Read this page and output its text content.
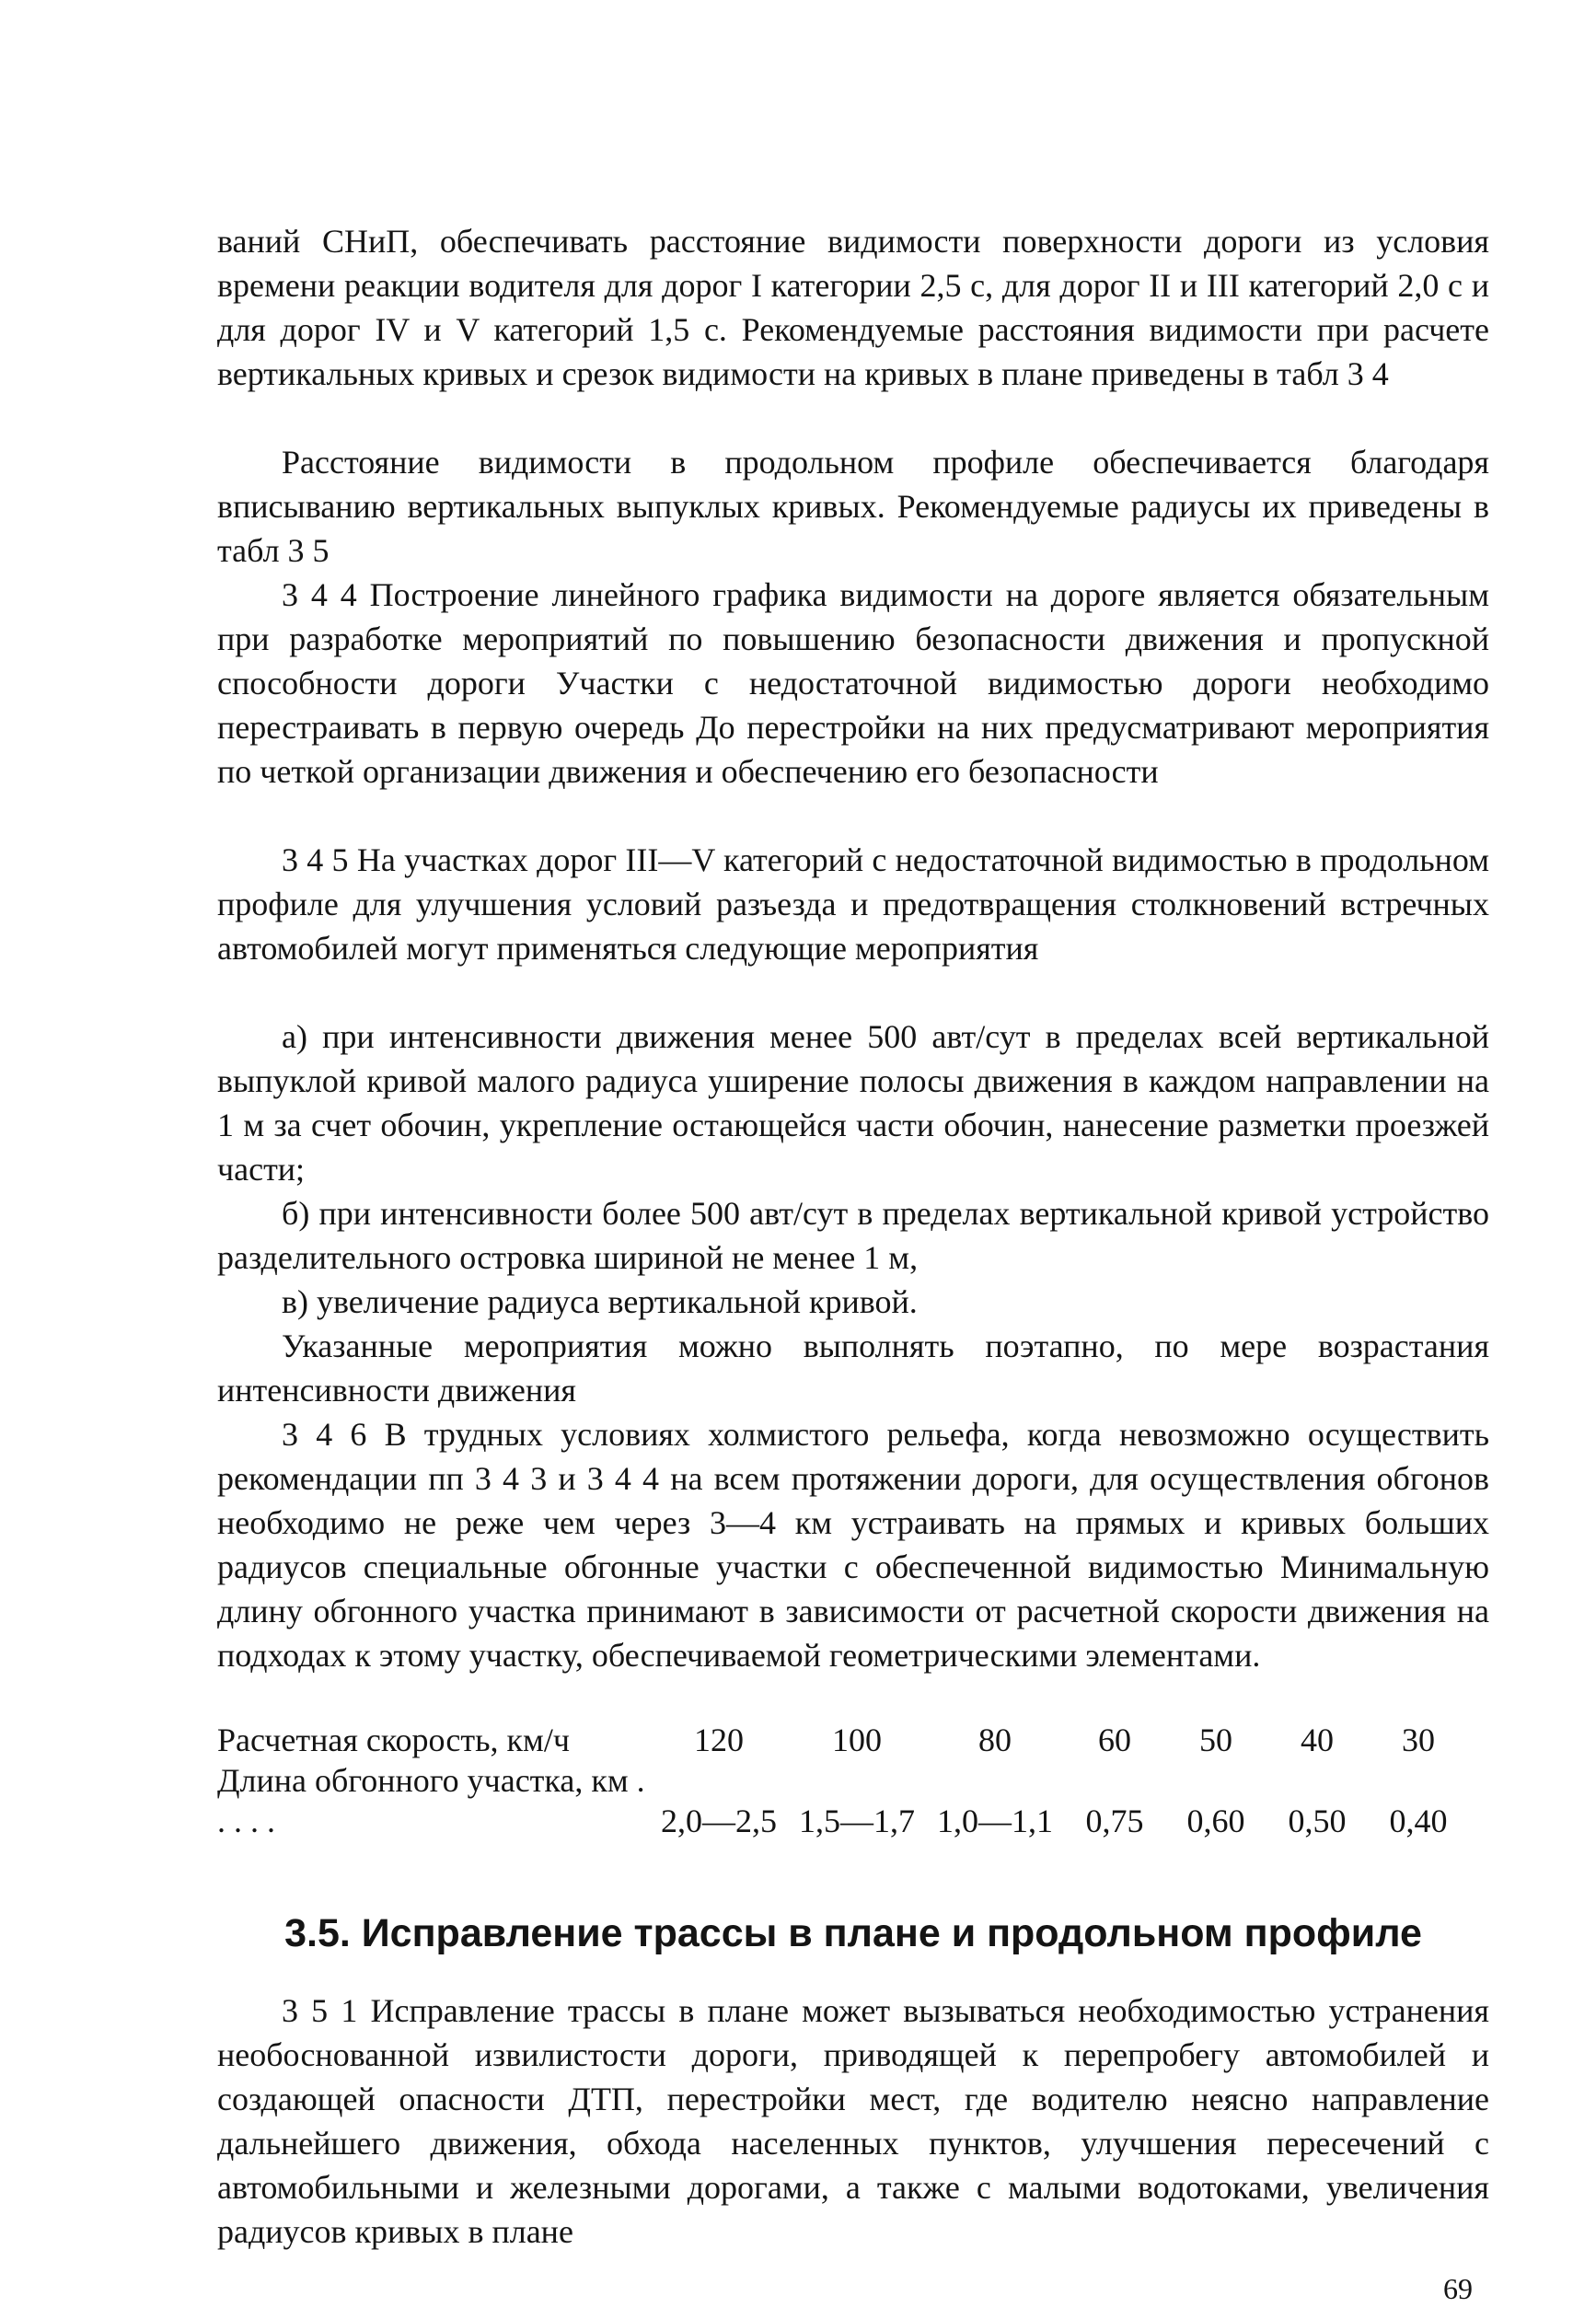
ваний СНиП, обеспечивать расстояние видимости поверхности дороги из условия времени реакции водителя для дорог I категории 2,5 с, для дорог II и III категорий 2,0 с и для дорог IV и V категорий 1,5 с. Рекомендуемые расстояния видимости при расчете вертикальных кривых и срезок видимости на кривых в плане приведены в табл 3 4

Расстояние видимости в продольном профиле обеспечивается благодаря вписыванию вертикальных выпуклых кривых. Рекомендуемые радиусы их приведены в табл 3 5

3 4 4 Построение линейного графика видимости на дороге является обязательным при разработке мероприятий по повышению безопасности движения и пропускной способности дороги Участки с недостаточной видимостью дороги необходимо перестраивать в первую очередь До перестройки на них предусматривают мероприятия по четкой организации движения и обеспечению его безопасности

3 4 5 На участках дорог III—V категорий с недостаточной видимостью в продольном профиле для улучшения условий разъезда и предотвращения столкновений встречных автомобилей могут применяться следующие мероприятия

а) при интенсивности движения менее 500 авт/сут в пределах всей вертикальной выпуклой кривой малого радиуса уширение полосы движения в каждом направлении на 1 м за счет обочин, укрепление остающейся части обочин, нанесение разметки проезжей части;

б) при интенсивности более 500 авт/сут в пределах вертикальной кривой устройство разделительного островка шириной не менее 1 м,

в) увеличение радиуса вертикальной кривой.

Указанные мероприятия можно выполнять поэтапно, по мере возрастания интенсивности движения

3 4 6 В трудных условиях холмистого рельефа, когда невозможно осуществить рекомендации пп 3 4 3 и 3 4 4 на всем протяжении дороги, для осуществления обгонов необходимо не реже чем через 3—4 км устраивать на прямых и кривых больших радиусов специальные обгонные участки с обеспеченной видимостью Минимальную длину обгонного участка принимают в зависимости от расчетной скорости движения на подходах к этому участку, обеспечиваемой геометрическими элементами.

Расчетная скорость, км/ч	120	100	80	60	50	40	30
Длина обгонного участка, км . . . . .	2,0—2,5	1,5—1,7	1,0—1,1	0,75	0,60	0,50	0,40
3.5. Исправление трассы в плане и продольном профиле

3 5 1 Исправление трассы в плане может вызываться необходимостью устранения необоснованной извилистости дороги, приводящей к перепробегу автомобилей и создающей опасности ДТП, перестройки мест, где водителю неясно направление дальнейшего движения, обхода населенных пунктов, улучшения пересечений с автомобильными и железными дорогами, а также с малыми водотоками, увеличения радиусов кривых в плане

69
